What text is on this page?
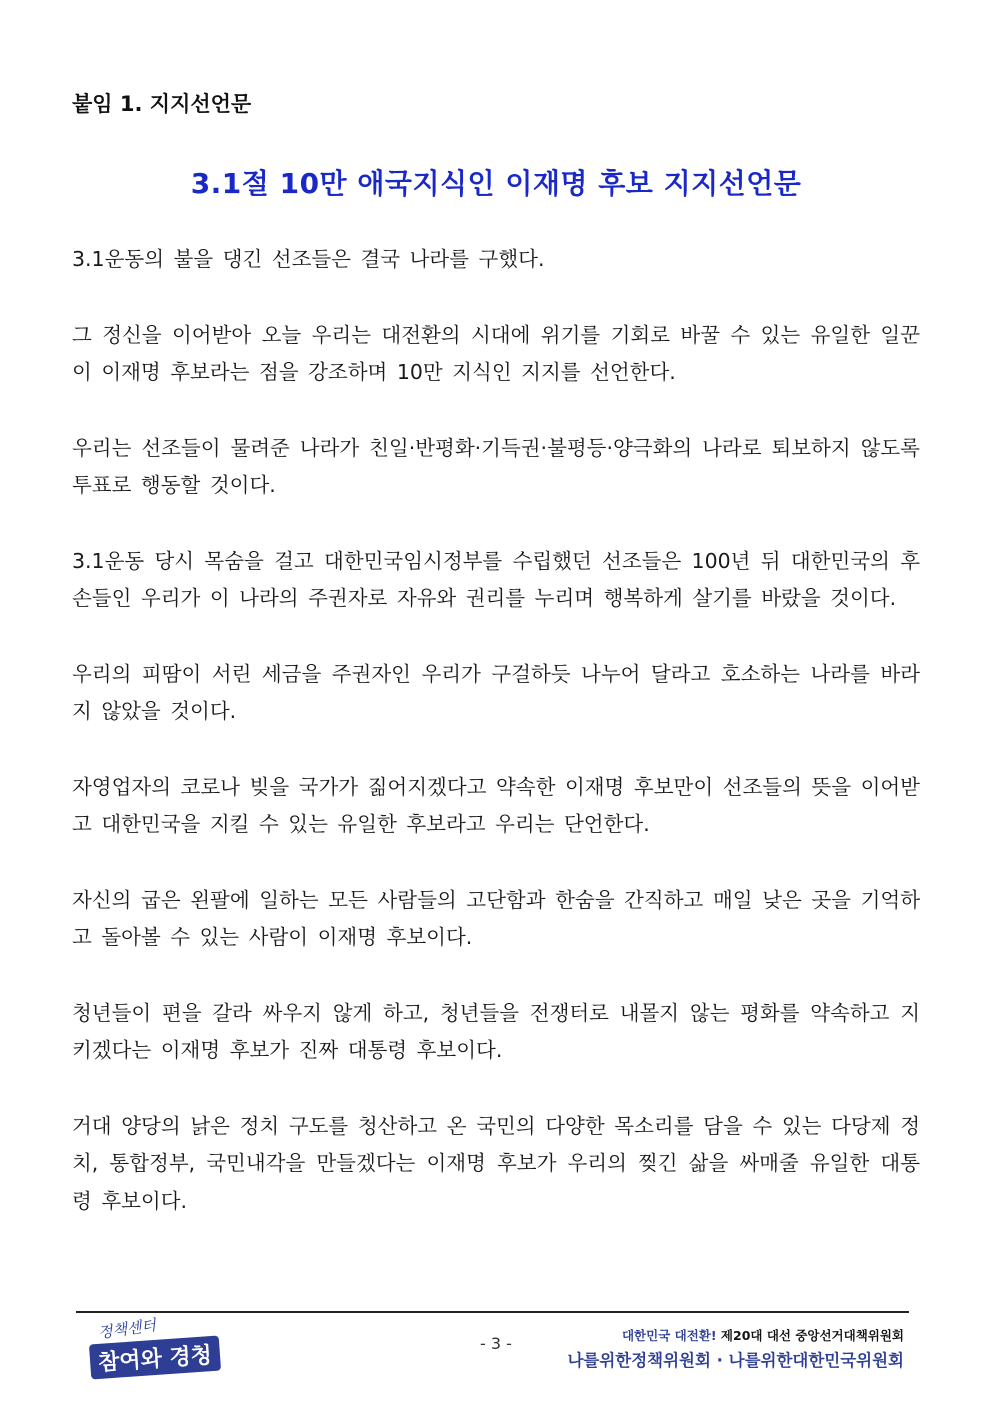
붙임 1. 지지선언문
3.1절 10만 애국지식인 이재명 후보 지지선언문

3.1운동의 불을 댕긴 선조들은 결국 나라를 구했다.

그 정신을 이어받아 오늘 우리는 대전환의 시대에 위기를 기회로 바꿀 수 있는 유일한 일꾼이 이재명 후보라는 점을 강조하며 10만 지식인 지지를 선언한다.

우리는 선조들이 물려준 나라가 친일·반평화·기득권·불평등·양극화의 나라로 퇴보하지 않도록 투표로 행동할 것이다.

3.1운동 당시 목숨을 걸고 대한민국임시정부를 수립했던 선조들은 100년 뒤 대한민국의 후손들인 우리가 이 나라의 주권자로 자유와 권리를 누리며 행복하게 살기를 바랐을 것이다.

우리의 피땀이 서린 세금을 주권자인 우리가 구걸하듯 나누어 달라고 호소하는 나라를 바라지 않았을 것이다.

자영업자의 코로나 빚을 국가가 짊어지겠다고 약속한 이재명 후보만이 선조들의 뜻을 이어받고 대한민국을 지킬 수 있는 유일한 후보라고 우리는 단언한다.

자신의 굽은 왼팔에 일하는 모든 사람들의 고단함과 한숨을 간직하고 매일 낮은 곳을 기억하고 돌아볼 수 있는 사람이 이재명 후보이다.

청년들이 편을 갈라 싸우지 않게 하고, 청년들을 전쟁터로 내몰지 않는 평화를 약속하고 지키겠다는 이재명 후보가 진짜 대통령 후보이다.

거대 양당의 낡은 정치 구도를 청산하고 온 국민의 다양한 목소리를 담을 수 있는 다당제 정치, 통합정부, 국민내각을 만들겠다는 이재명 후보가 우리의 찢긴 삶을 싸매줄 유일한 대통령 후보이다.

정책센터
참여와 경청	- 3 -	대한민국 대전환! 제20대 대선 중앙선거대책위원회
나를위한정책위원회 · 나를위한대한민국위원회
